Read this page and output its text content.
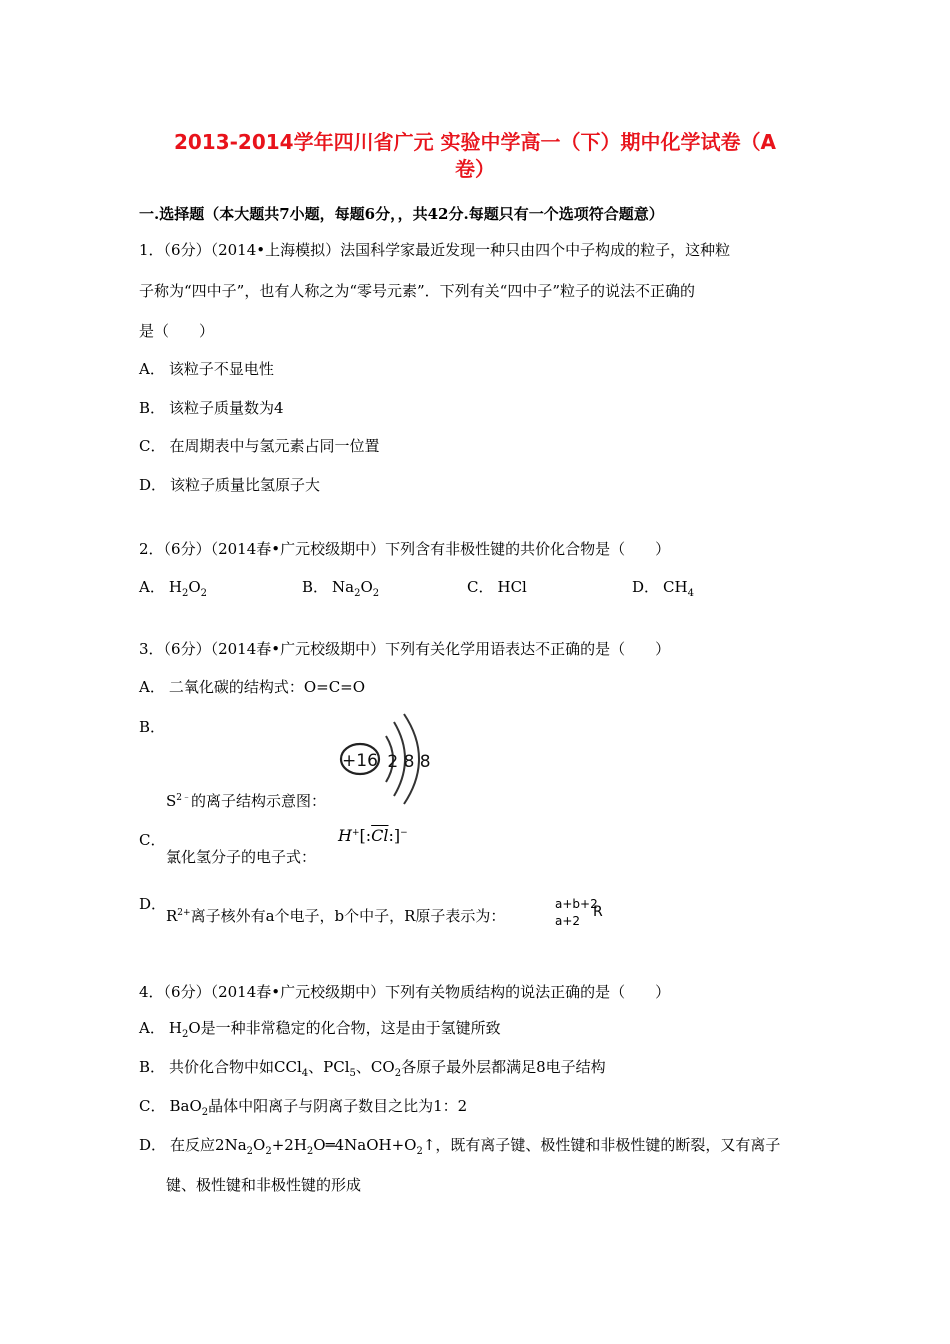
2013-2014学年四川省广元 实验中学高一（下）期中化学试卷（A
卷）
一.选择题（本大题共7小题，每题6分，，共42分.每题只有一个选项符合题意）
1．（6分）（2014•上海模拟）法国科学家最近发现一种只由四个中子构成的粒子，这种粒
子称为“四中子”，也有人称之为“零号元素”．下列有关“四中子”粒子的说法不正确的
是（　　）
A． 该粒子不显电性
B． 该粒子质量数为4
C． 在周期表中与氢元素占同一位置
D． 该粒子质量比氢原子大
2．（6分）（2014春•广元校级期中）下列含有非极性键的共价化合物是（　　）
A． $H_2O_2$	B． $Na_2O_2$	C． HCl	D． $CH_4$
3．（6分）（2014春•广元校级期中）下列有关化学用语表达不正确的是（　　）
A． 二氧化碳的结构式：O=C=O
B．
+16 2 8 8
$S^{2﹣}$的离子结构示意图：
C．
氯化氢分子的电子式：
$H^+[:\overline{Cl}:]^-$
D．
$R^{2+}$离子核外有a个电子，b个中子，R原子表示为：
a+b+2
a+2
R
4．（6分）（2014春•广元校级期中）下列有关物质结构的说法正确的是（　　）
A． $H_2O$是一种非常稳定的化合物，这是由于氢键所致
B． 共价化合物中如CCl$_4$、PCl$_5$、$CO_2$各原子最外层都满足8电子结构
C． BaO$_2$晶体中阳离子与阴离子数目之比为1：2
D． 在反应$2Na_2O_2+2H_2O═4NaOH+O_2↑$，既有离子键、极性键和非极性键的断裂，又有离子
键、极性键和非极性键的形成
